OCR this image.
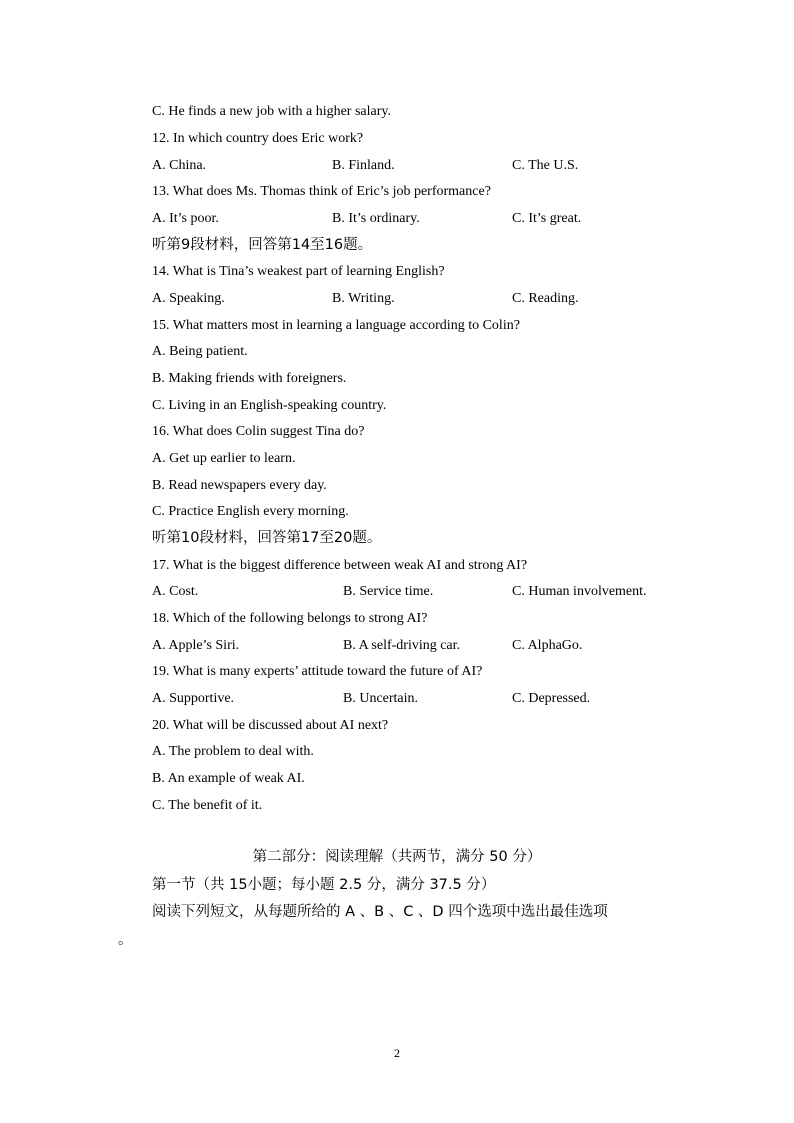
C. He finds a new job with a higher salary.
12. In which country does Eric work?
A. China.	B. Finland.	C. The U.S.
13. What does Ms. Thomas think of Eric’s job performance?
A. It’s poor.	B. It’s ordinary.	C. It’s great.
听第9段材料，回答第14至16题。
14. What is Tina’s weakest part of learning English?
A. Speaking.	B. Writing.	C. Reading.
15. What matters most in learning a language according to Colin?
A. Being patient.
B. Making friends with foreigners.
C. Living in an English-speaking country.
16. What does Colin suggest Tina do?
A. Get up earlier to learn.
B. Read newspapers every day.
C. Practice English every morning.
听第10段材料，回答第17至20题。
17. What is the biggest difference between weak AI and strong AI?
A. Cost.	B. Service time.	C. Human involvement.
18. Which of the following belongs to strong AI?
A. Apple’s Siri.	B. A self-driving car.	C. AlphaGo.
19. What is many experts’ attitude toward the future of AI?
A. Supportive.	B. Uncertain.	C. Depressed.
20. What will be discussed about AI next?
A. The problem to deal with.
B. An example of weak AI.
C. The benefit of it.
第二部分：阅读理解（共两节，满分 50 分）
第一节（共 15小题；每小题 2.5 分，满分 37.5 分）
阅读下列短文，从每题所给的 A 、B 、C 、D 四个选项中选出最佳选项
。
2
